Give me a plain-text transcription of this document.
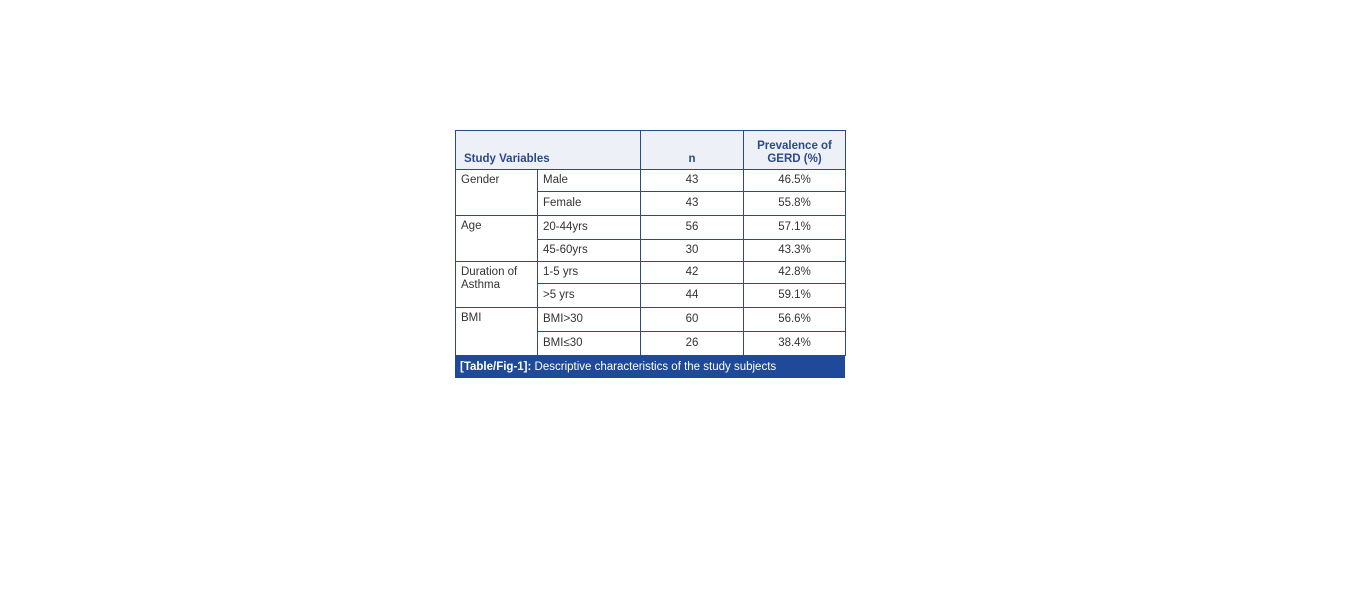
Study Variables		n	Prevalence of GERD (%)
Gender	Male	43	46.5%
	Female	43	55.8%
Age	20-44yrs	56	57.1%
	45-60yrs	30	43.3%
Duration of Asthma	1-5 yrs	42	42.8%
	>5 yrs	44	59.1%
BMI	BMI>30	60	56.6%
	BMI≤30	26	38.4%
[Table/Fig-1]: Descriptive characteristics of the study subjects
